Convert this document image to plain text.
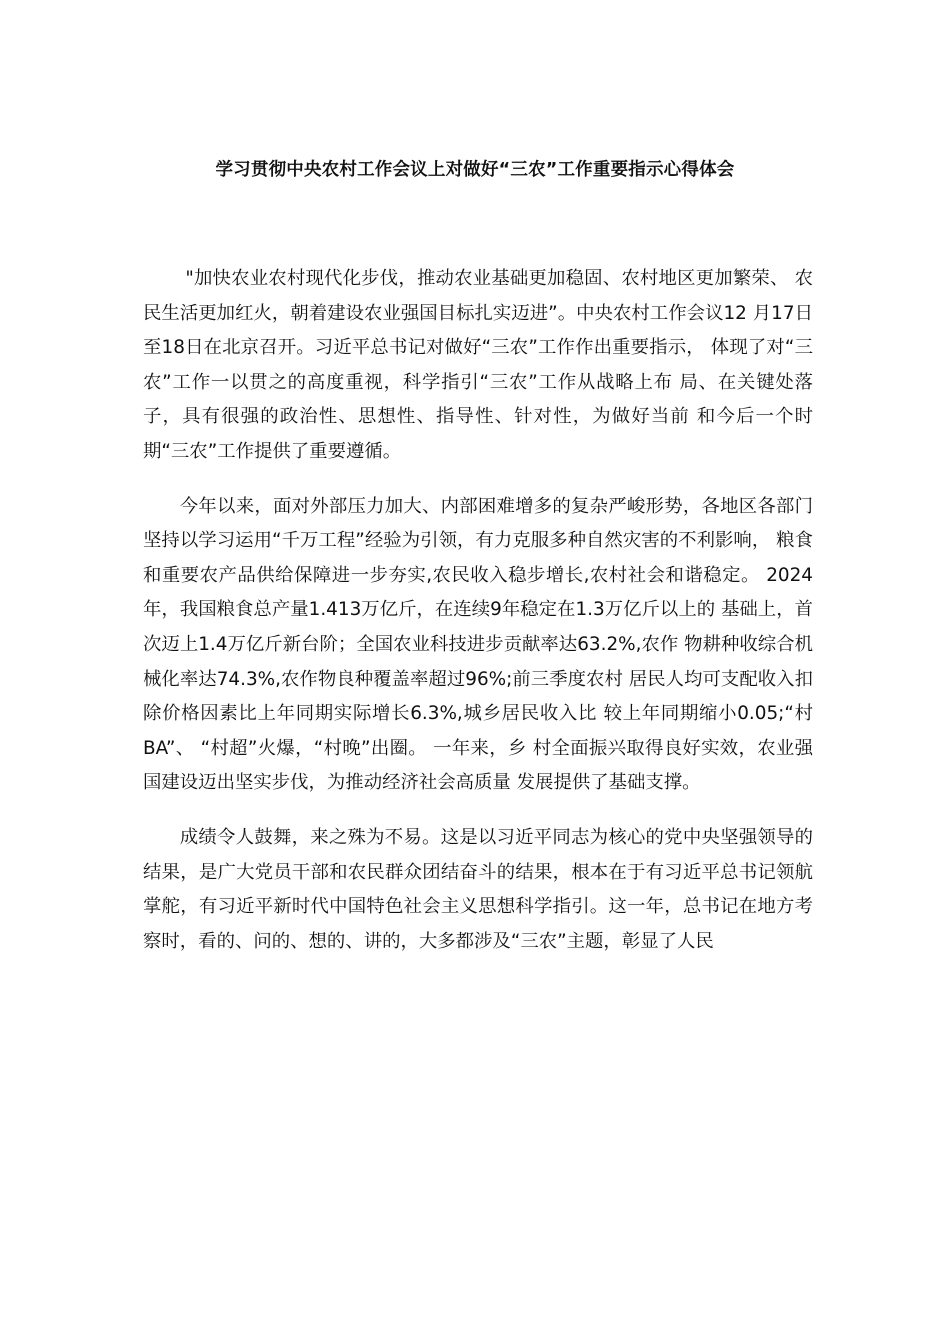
学习贯彻中央农村工作会议上对做好“三农”工作重要指示心得体会

"加快农业农村现代化步伐，推动农业基础更加稳固、农村地区更加繁荣、 农民生活更加红火，朝着建设农业强国目标扎实迈进”。中央农村工作会议12 月17日至18日在北京召开。习近平总书记对做好“三农”工作作出重要指示， 体现了对“三农”工作一以贯之的高度重视，科学指引“三农”工作从战略上布 局、在关键处落子，具有很强的政治性、思想性、指导性、针对性，为做好当前 和今后一个时期“三农”工作提供了重要遵循。

今年以来，面对外部压力加大、内部困难增多的复杂严峻形势，各地区各部门坚持以学习运用“千万工程”经验为引领，有力克服多种自然灾害的不利影响， 粮食和重要农产品供给保障进一步夯实,农民收入稳步增长,农村社会和谐稳定。 2024年，我国粮食总产量1.413万亿斤，在连续9年稳定在1.3万亿斤以上的 基础上，首次迈上1.4万亿斤新台阶；全国农业科技进步贡献率达63.2%,农作 物耕种收综合机械化率达74.3%,农作物良种覆盖率超过96%;前三季度农村 居民人均可支配收入扣除价格因素比上年同期实际增长6.3%,城乡居民收入比 较上年同期缩小0.05;“村BA”、 “村超”火爆，“村晚”出圈。 一年来，乡 村全面振兴取得良好实效，农业强国建设迈出坚实步伐，为推动经济社会高质量 发展提供了基础支撑。

成绩令人鼓舞，来之殊为不易。这是以习近平同志为核心的党中央坚强领导的结果，是广大党员干部和农民群众团结奋斗的结果，根本在于有习近平总书记领航掌舵，有习近平新时代中国特色社会主义思想科学指引。这一年，总书记在地方考察时，看的、问的、想的、讲的，大多都涉及“三农”主题，彰显了人民
